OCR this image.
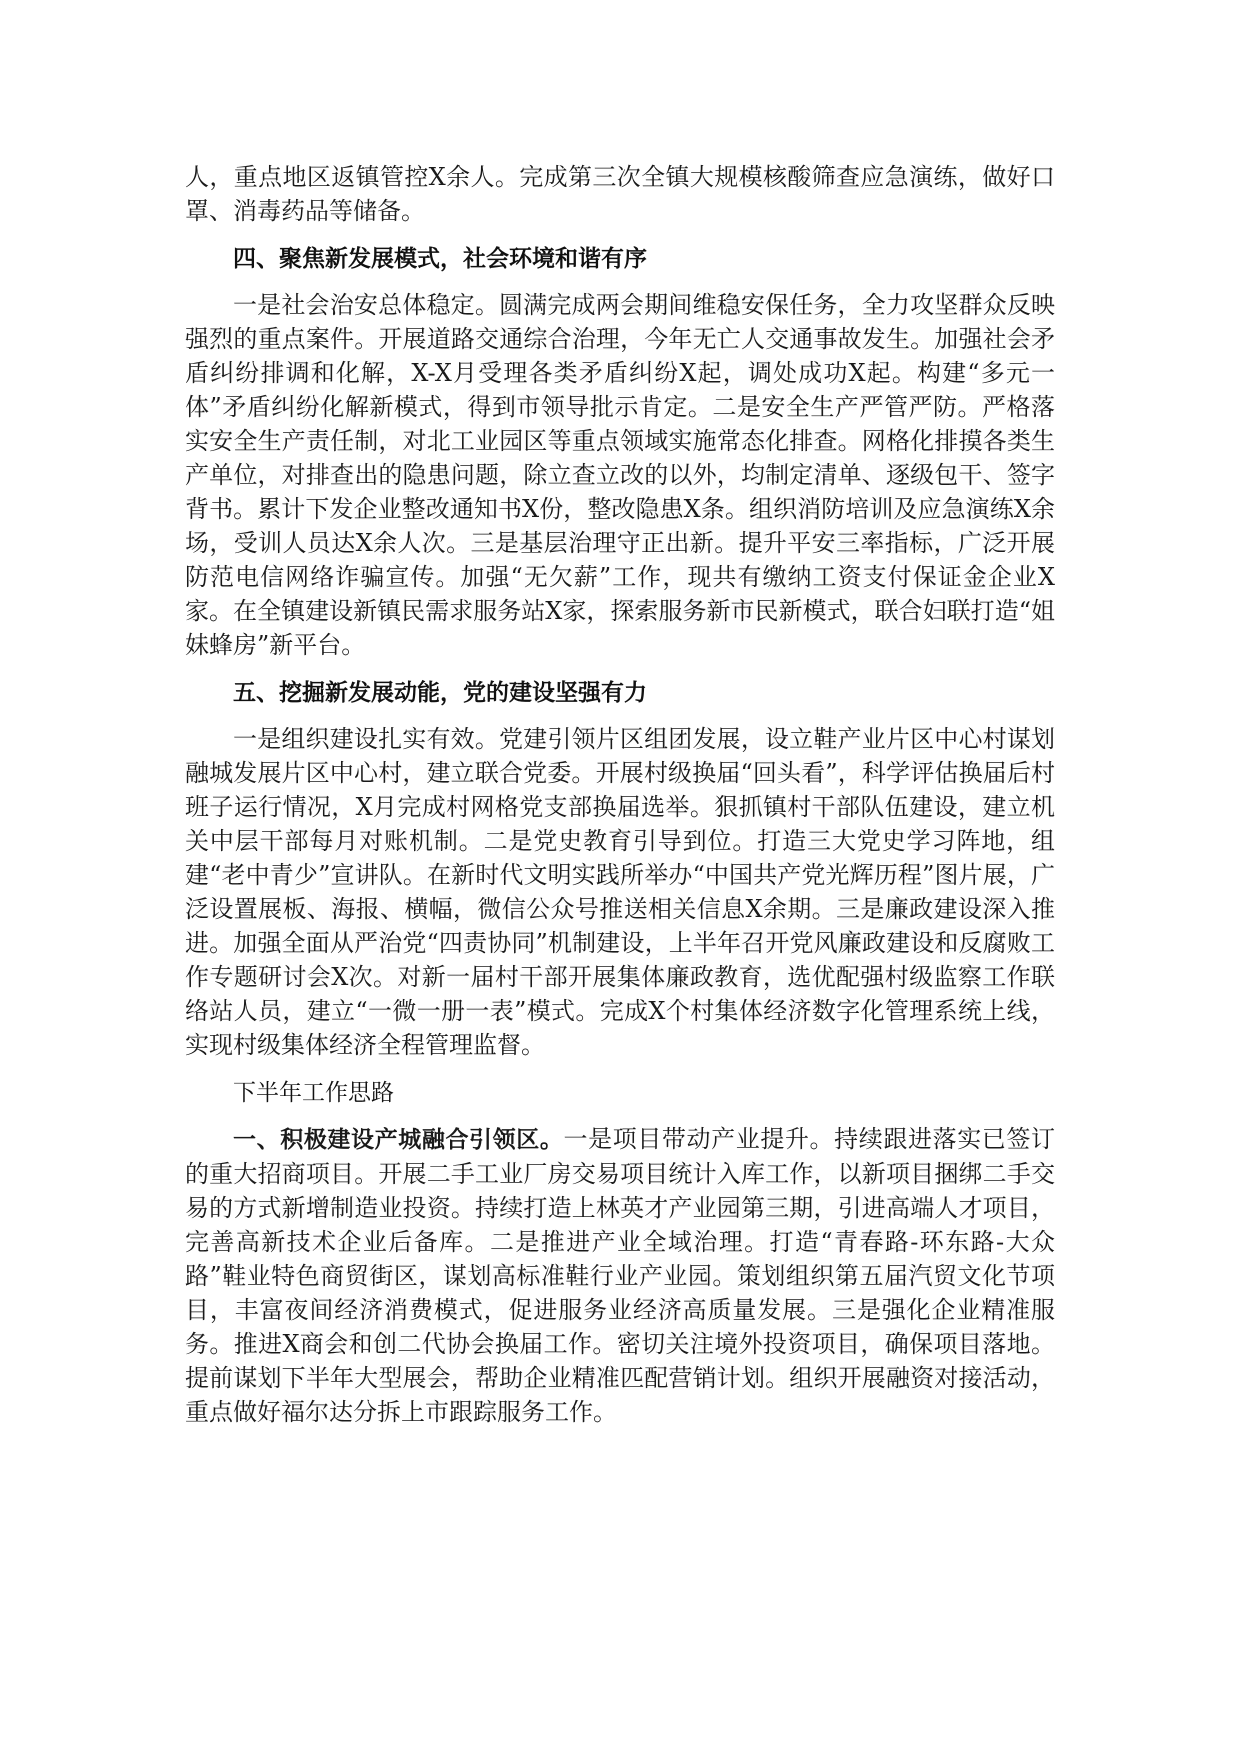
人，重点地区返镇管控X余人。完成第三次全镇大规模核酸筛查应急演练，做好口罩、消毒药品等储备。

四、聚焦新发展模式，社会环境和谐有序

一是社会治安总体稳定。圆满完成两会期间维稳安保任务，全力攻坚群众反映强烈的重点案件。开展道路交通综合治理，今年无亡人交通事故发生。加强社会矛盾纠纷排调和化解，X-X月受理各类矛盾纠纷X起，调处成功X起。构建“多元一体”矛盾纠纷化解新模式，得到市领导批示肯定。二是安全生产严管严防。严格落实安全生产责任制，对北工业园区等重点领域实施常态化排查。网格化排摸各类生产单位，对排查出的隐患问题，除立查立改的以外，均制定清单、逐级包干、签字背书。累计下发企业整改通知书X份，整改隐患X条。组织消防培训及应急演练X余场，受训人员达X余人次。三是基层治理守正出新。提升平安三率指标，广泛开展防范电信网络诈骗宣传。加强“无欠薪”工作，现共有缴纳工资支付保证金企业X家。在全镇建设新镇民需求服务站X家，探索服务新市民新模式，联合妇联打造“姐妹蜂房”新平台。

五、挖掘新发展动能，党的建设坚强有力

一是组织建设扎实有效。党建引领片区组团发展，设立鞋产业片区中心村谋划融城发展片区中心村，建立联合党委。开展村级换届“回头看”，科学评估换届后村班子运行情况，X月完成村网格党支部换届选举。狠抓镇村干部队伍建设，建立机关中层干部每月对账机制。二是党史教育引导到位。打造三大党史学习阵地，组建“老中青少”宣讲队。在新时代文明实践所举办“中国共产党光辉历程”图片展，广泛设置展板、海报、横幅，微信公众号推送相关信息X余期。三是廉政建设深入推进。加强全面从严治党“四责协同”机制建设，上半年召开党风廉政建设和反腐败工作专题研讨会X次。对新一届村干部开展集体廉政教育，选优配强村级监察工作联络站人员，建立“一微一册一表”模式。完成X个村集体经济数字化管理系统上线，实现村级集体经济全程管理监督。

下半年工作思路

一、积极建设产城融合引领区。一是项目带动产业提升。持续跟进落实已签订的重大招商项目。开展二手工业厂房交易项目统计入库工作，以新项目捆绑二手交易的方式新增制造业投资。持续打造上林英才产业园第三期，引进高端人才项目，完善高新技术企业后备库。二是推进产业全域治理。打造“青春路-环东路-大众路”鞋业特色商贸街区，谋划高标准鞋行业产业园。策划组织第五届汽贸文化节项目，丰富夜间经济消费模式，促进服务业经济高质量发展。三是强化企业精准服务。推进X商会和创二代协会换届工作。密切关注境外投资项目，确保项目落地。提前谋划下半年大型展会，帮助企业精准匹配营销计划。组织开展融资对接活动，重点做好福尔达分拆上市跟踪服务工作。
